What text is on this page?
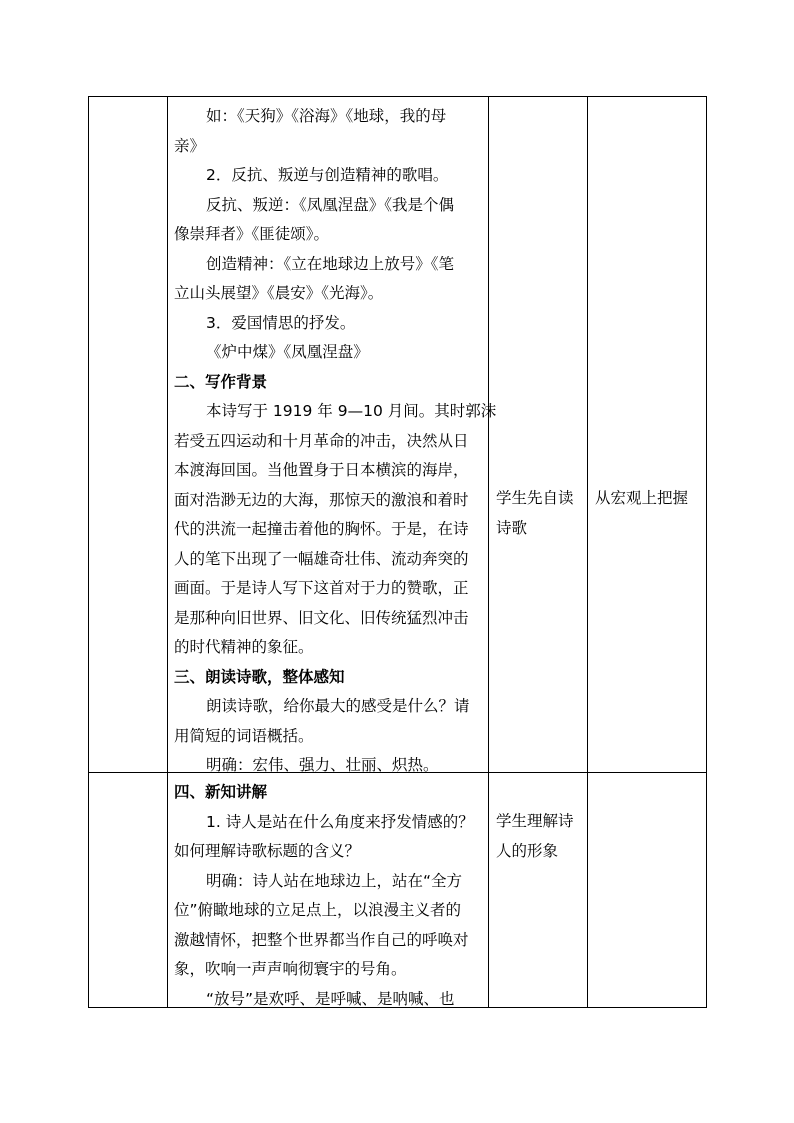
如：《天狗》《浴海》《地球，我的母
亲》
2．反抗、叛逆与创造精神的歌唱。
反抗、叛逆：《凤凰涅盘》《我是个偶
像崇拜者》《匪徒颂》。
创造精神：《立在地球边上放号》《笔
立山头展望》《晨安》《光海》。
3．爱国情思的抒发。
《炉中煤》《凤凰涅盘》
二、写作背景
本诗写于 1919 年 9—10 月间。其时郭沫
若受五四运动和十月革命的冲击，决然从日
本渡海回国。当他置身于日本横滨的海岸，
面对浩渺无边的大海，那惊天的激浪和着时
代的洪流一起撞击着他的胸怀。于是，在诗
人的笔下出现了一幅雄奇壮伟、流动奔突的
画面。于是诗人写下这首对于力的赞歌，正
是那种向旧世界、旧文化、旧传统猛烈冲击
的时代精神的象征。
三、朗读诗歌，整体感知
朗读诗歌，给你最大的感受是什么？请
用简短的词语概括。
明确：宏伟、强力、壮丽、炽热。
学生先自读
诗歌
从宏观上把握
四、新知讲解
1. 诗人是站在什么角度来抒发情感的？
如何理解诗歌标题的含义？
明确：诗人站在地球边上，站在“全方
位”俯瞰地球的立足点上，以浪漫主义者的
激越情怀，把整个世界都当作自己的呼唤对
象，吹响一声声响彻寰宇的号角。
“放号”是欢呼、是呼喊、是呐喊、也
学生理解诗
人的形象
